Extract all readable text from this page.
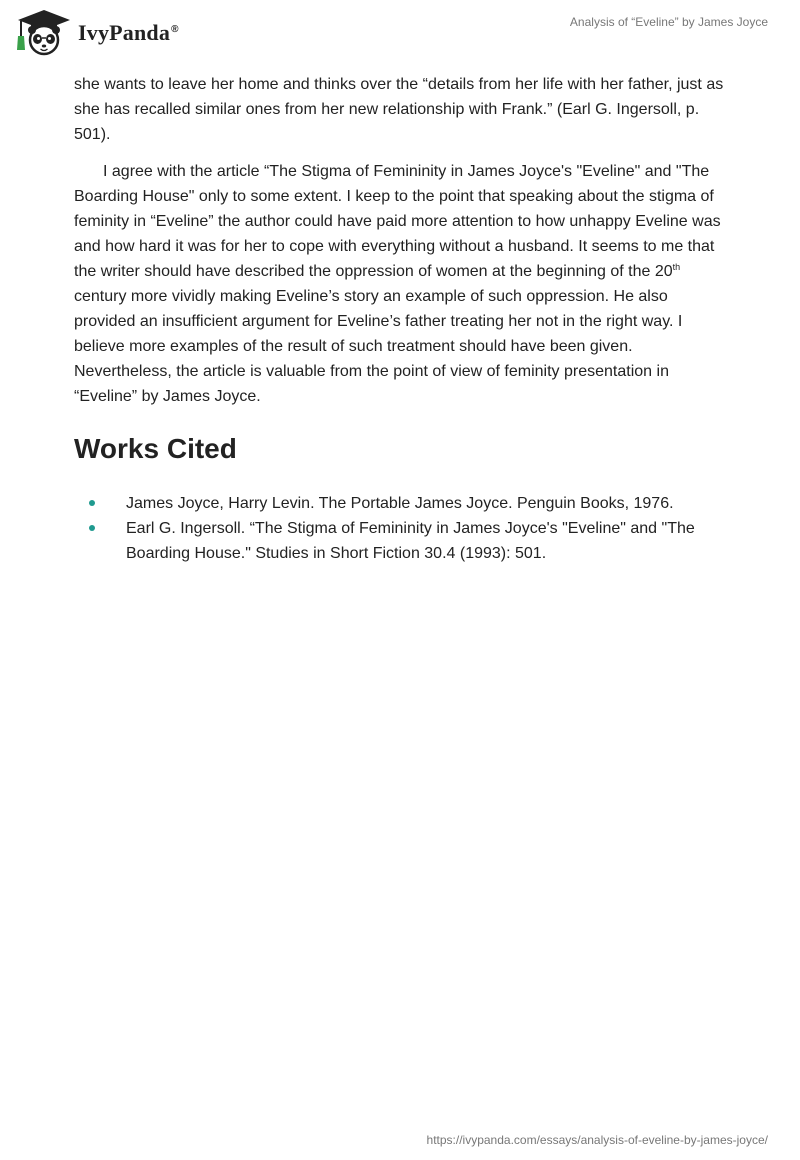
IvyPanda®
Analysis of “Eveline” by James Joyce

she wants to leave her home and thinks over the “details from her life with her father, just as she has recalled similar ones from her new relationship with Frank.” (Earl G. Ingersoll, p. 501).

I agree with the article “The Stigma of Femininity in James Joyce's "Eveline" and "The Boarding House" only to some extent. I keep to the point that speaking about the stigma of feminity in “Eveline” the author could have paid more attention to how unhappy Eveline was and how hard it was for her to cope with everything without a husband. It seems to me that the writer should have described the oppression of women at the beginning of the 20th century more vividly making Eveline’s story an example of such oppression. He also provided an insufficient argument for Eveline’s father treating her not in the right way. I believe more examples of the result of such treatment should have been given. Nevertheless, the article is valuable from the point of view of feminity presentation in “Eveline” by James Joyce.

Works Cited
James Joyce, Harry Levin. The Portable James Joyce. Penguin Books, 1976.
Earl G. Ingersoll. “The Stigma of Femininity in James Joyce's "Eveline" and "The Boarding House." Studies in Short Fiction 30.4 (1993): 501.
https://ivypanda.com/essays/analysis-of-eveline-by-james-joyce/
